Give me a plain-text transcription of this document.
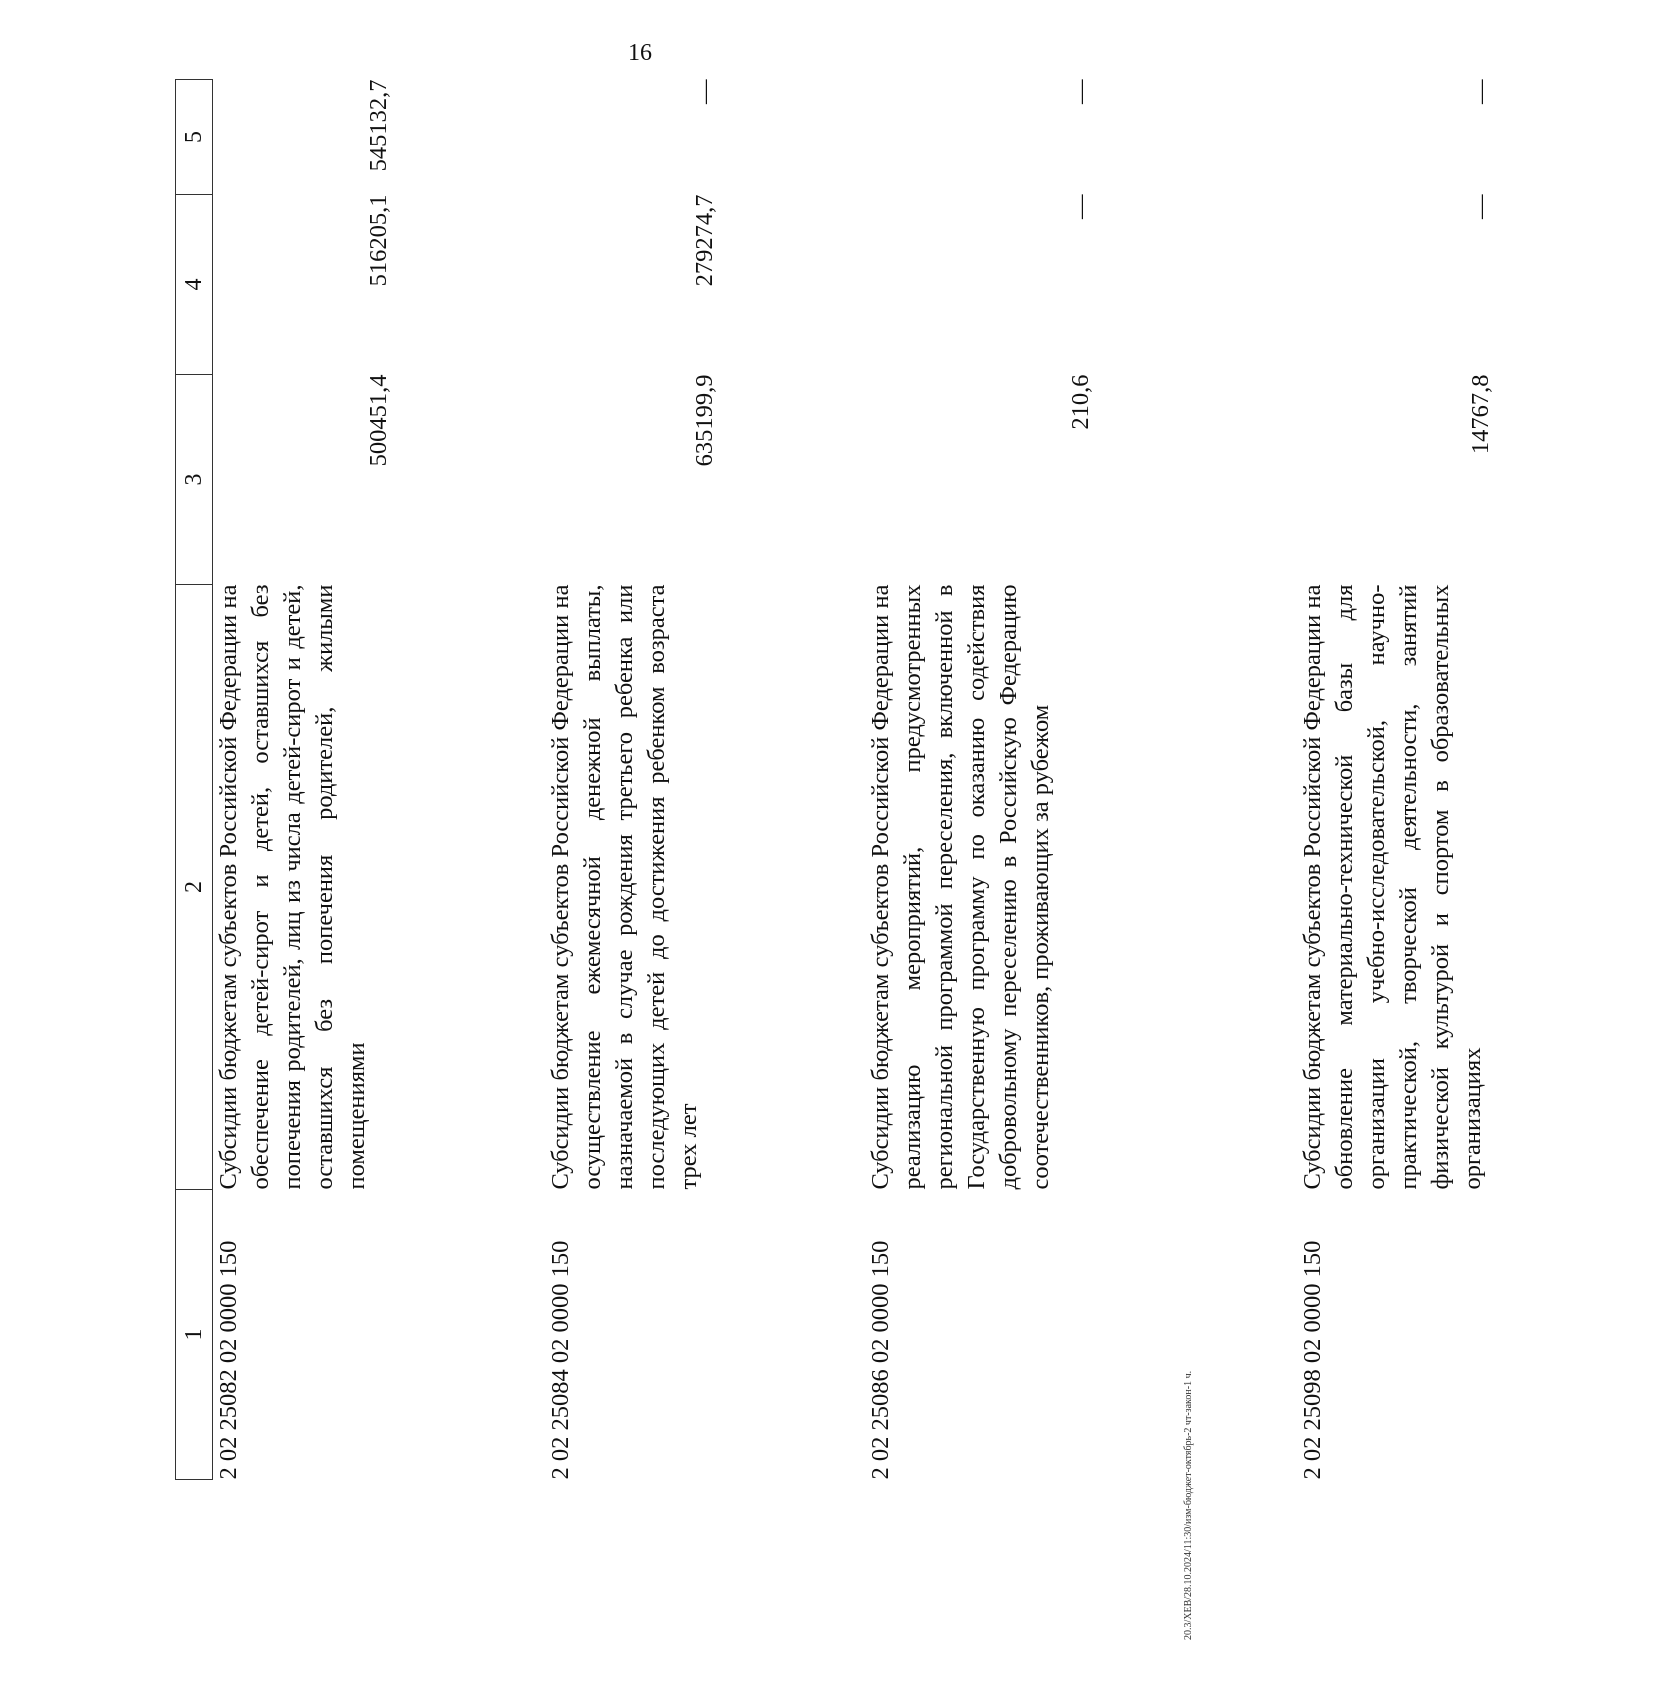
16
1	2	3	4	5
2 02 25082 02 0000 150	Субсидии бюджетам субъектов Российской Федерации на обеспечение детей-сирот и детей, оставшихся без попечения родителей, лиц из числа детей-сирот и детей, оставшихся без попечения родителей, жилыми помещениями	500451,4	516205,1	545132,7

2 02 25084 02 0000 150	Субсидии бюджетам субъектов Российской Федерации на осуществление ежемесячной денежной выплаты, назначаемой в случае рождения третьего ребенка или последующих детей до достижения ребенком возраста трех лет	635199,9	279274,7	—

2 02 25086 02 0000 150	Субсидии бюджетам субъектов Российской Федерации на реализацию мероприятий, предусмотренных региональной программой переселения, включенной в Государственную программу по оказанию содействия добровольному переселению в Российскую Федерацию соотечественников, проживающих за рубежом	210,6	—	—

2 02 25098 02 0000 150	Субсидии бюджетам субъектов Российской Федерации на обновление материально-технической базы для организации учебно-исследовательской, научно-практической, творческой деятельности, занятий физической культурой и спортом в образовательных организациях	14767,8	—	—
20.3/ХЕВ/28.10.2024/11:30/изм-бюджет-октябрь-2 чт-закон-1 ч.
